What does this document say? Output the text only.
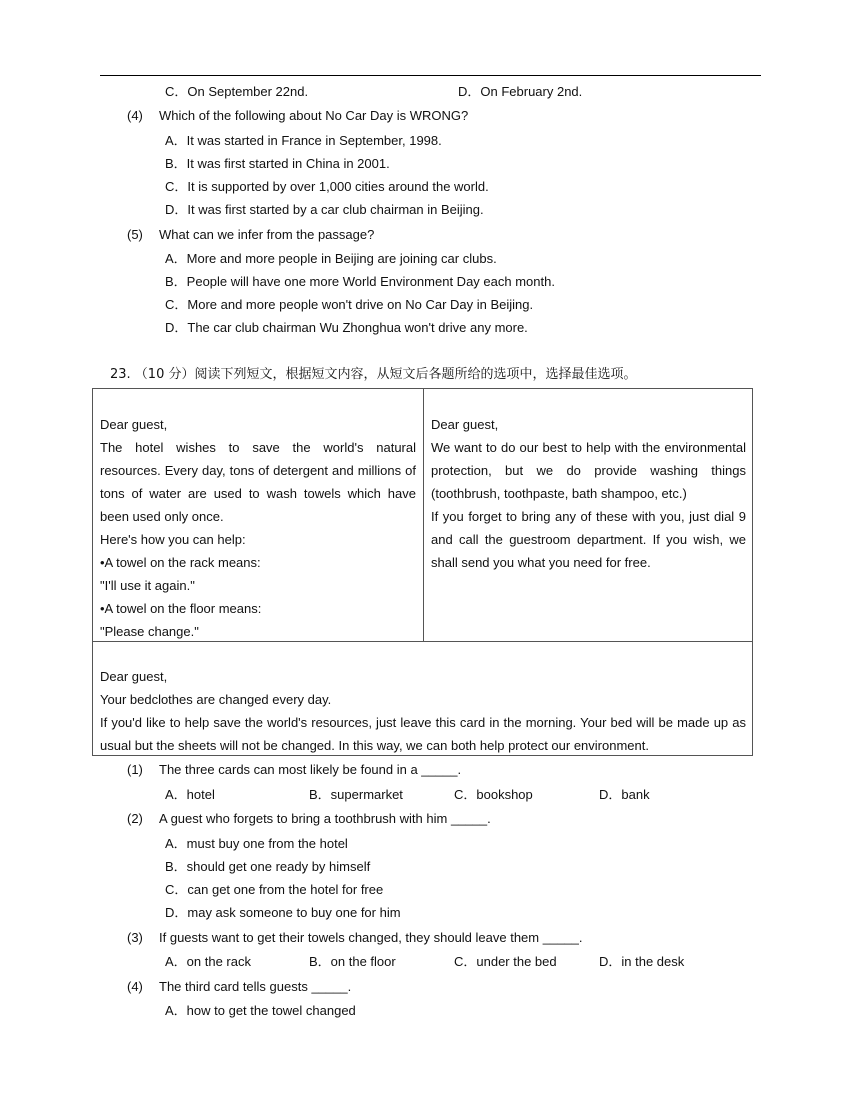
C．On September 22nd.	D．On February 2nd.
(4) Which of the following about No Car Day is WRONG?
A．It was started in France in September, 1998.
B．It was first started in China in 2001.
C．It is supported by over 1,000 cities around the world.
D．It was first started by a car club chairman in Beijing.
(5) What can we infer from the passage?
A．More and more people in Beijing are joining car clubs.
B．People will have one more World Environment Day each month.
C．More and more people won't drive on No Car Day in Beijing.
D．The car club chairman Wu Zhonghua won't drive any more.
23. （10 分）阅读下列短文，根据短文内容，从短文后各题所给的选项中，选择最佳选项。

Dear guest,

The hotel wishes to save the world's natural resources. Every day, tons of detergent and millions of tons of water are used to wash towels which have been used only once.

Here's how you can help:

•A towel on the rack means:

"I'll use it again."

•A towel on the floor means:

"Please change."

Dear guest,

We want to do our best to help with the environmental protection, but we do provide washing things (toothbrush, toothpaste, bath shampoo, etc.)

If you forget to bring any of these with you, just dial 9 and call the guestroom department. If you wish, we shall send you what you need for free.

Dear guest,

Your bedclothes are changed every day.

If you'd like to help save the world's resources, just leave this card in the morning. Your bed will be made up as usual but the sheets will not be changed. In this way, we can both help protect our environment.

(1) The three cards can most likely be found in a _____.
A．hotel	B．supermarket	C．bookshop	D．bank
(2) A guest who forgets to bring a toothbrush with him _____.
A．must buy one from the hotel
B．should get one ready by himself
C．can get one from the hotel for free
D．may ask someone to buy one for him
(3) If guests want to get their towels changed, they should leave them _____.
A．on the rack	B．on the floor	C．under the bed	D．in the desk
(4) The third card tells guests _____.
A．how to get the towel changed
